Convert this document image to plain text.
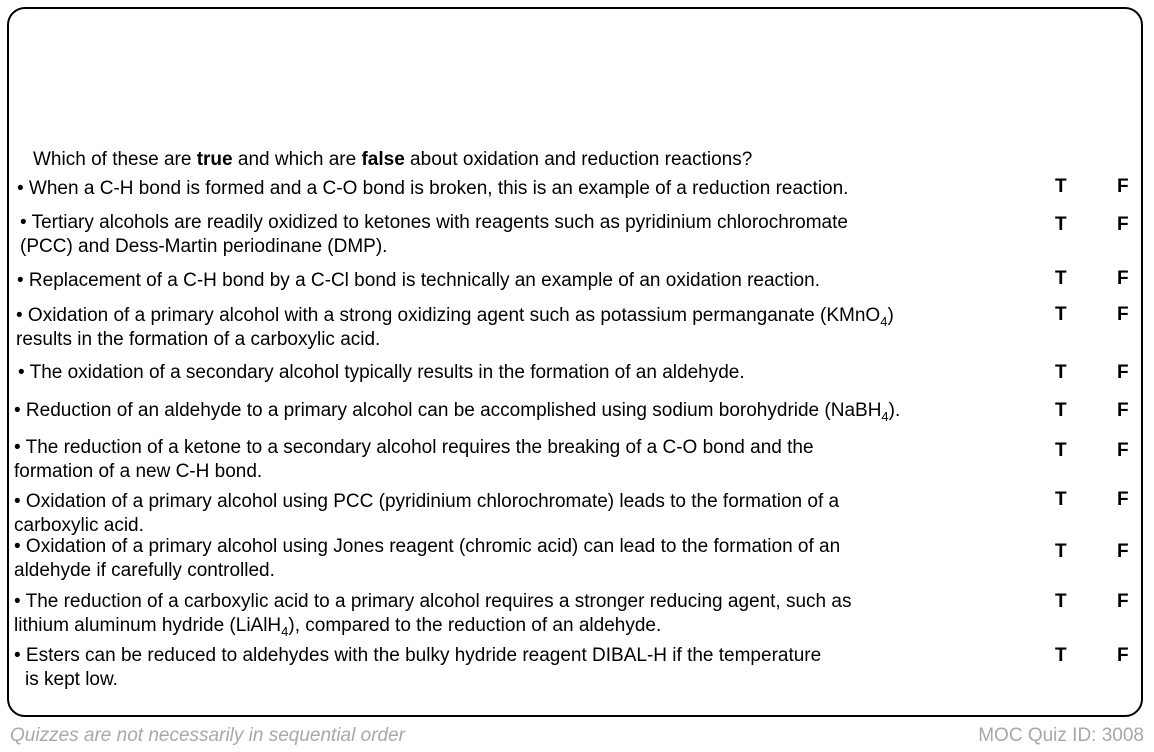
Which of these are true and which are false about oxidation and reduction reactions?
• When a C-H bond is formed and a C-O bond is broken, this is an example of a reduction reaction.	T	F
• Tertiary alcohols are readily oxidized to ketones with reagents such as pyridinium chlorochromate
(PCC) and Dess-Martin periodinane (DMP).
T	F
• Replacement of a C-H bond by a C-Cl bond is technically an example of an oxidation reaction.	T	F
• Oxidation of a primary alcohol with a strong oxidizing agent such as potassium permanganate (KMnO$_4$)
results in the formation of a carboxylic acid.
T	F
• The oxidation of a secondary alcohol typically results in the formation of an aldehyde.	T	F
• Reduction of an aldehyde to a primary alcohol can be accomplished using sodium borohydride (NaBH$_4$).	T	F
• The reduction of a ketone to a secondary alcohol requires the breaking of a C-O bond and the
formation of a new C-H bond.
T	F
• Oxidation of a primary alcohol using PCC (pyridinium chlorochromate) leads to the formation of a
carboxylic acid.
T	F
• Oxidation of a primary alcohol using Jones reagent (chromic acid) can lead to the formation of an
aldehyde if carefully controlled.
T	F
• The reduction of a carboxylic acid to a primary alcohol requires a stronger reducing agent, such as
lithium aluminum hydride (LiAlH$_4$), compared to the reduction of an aldehyde.
T	F
• Esters can be reduced to aldehydes with the bulky hydride reagent DIBAL-H if the temperature
is kept low.
T	F
Quizzes are not necessarily in sequential order	MOC Quiz ID: 3008
